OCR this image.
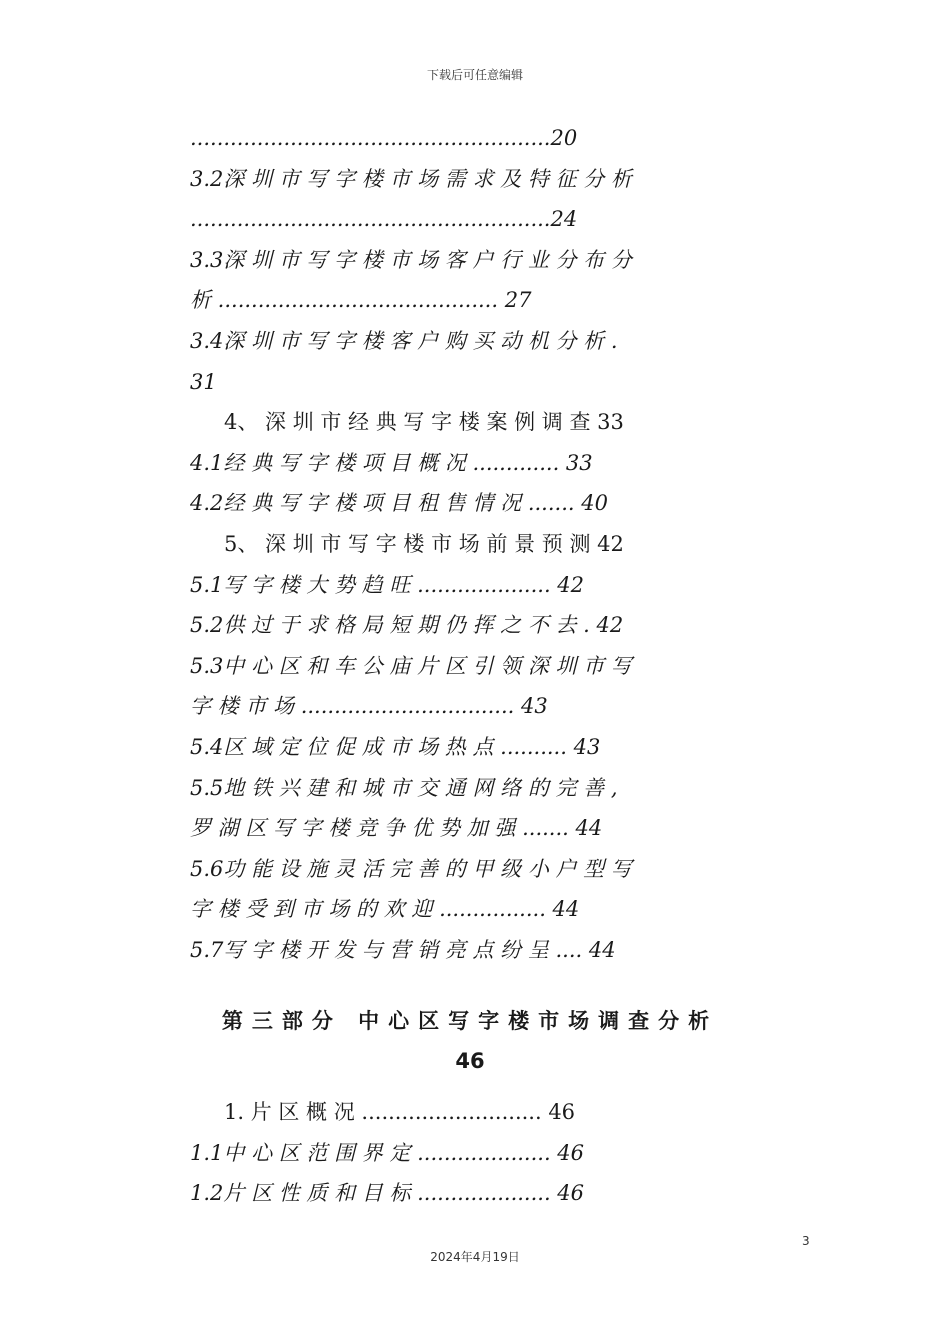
下载后可任意编辑
......................................................20
3.2深 圳 市 写 字 楼 市 场 需 求 及 特 征 分 析
......................................................24
3.3深 圳 市 写 字 楼 市 场 客 户 行 业 分 布 分
析 .......................................... 27
3.4深 圳 市 写 字 楼 客 户 购 买 动 机 分 析 .
31
4、 深 圳 市 经 典 写 字 楼 案 例 调 查 33
4.1经 典 写 字 楼 项 目 概 况 ............. 33
4.2经 典 写 字 楼 项 目 租 售 情 况 ....... 40
5、 深 圳 市 写 字 楼 市 场 前 景 预 测 42
5.1写 字 楼 大 势 趋 旺 .................... 42
5.2供 过 于 求 格 局 短 期 仍 挥 之 不 去 . 42
5.3中 心 区 和 车 公 庙 片 区 引 领 深 圳 市 写
字 楼 市 场 ................................ 43
5.4区 域 定 位 促 成 市 场 热 点 .......... 43
5.5地 铁 兴 建 和 城 市 交 通 网 络 的 完 善 ,
罗 湖 区 写 字 楼 竞 争 优 势 加 强 ....... 44
5.6功 能 设 施 灵 活 完 善 的 甲 级 小 户 型 写
字 楼 受 到 市 场 的 欢 迎 ................ 44
5.7写 字 楼 开 发 与 营 销 亮 点 纷 呈 .... 44
第三部分 中心区写字楼市场调查分析
46
1. 片 区 概 况 ........................... 46
1.1中 心 区 范 围 界 定 .................... 46
1.2片 区 性 质 和 目 标 .................... 46
3
2024年4月19日
